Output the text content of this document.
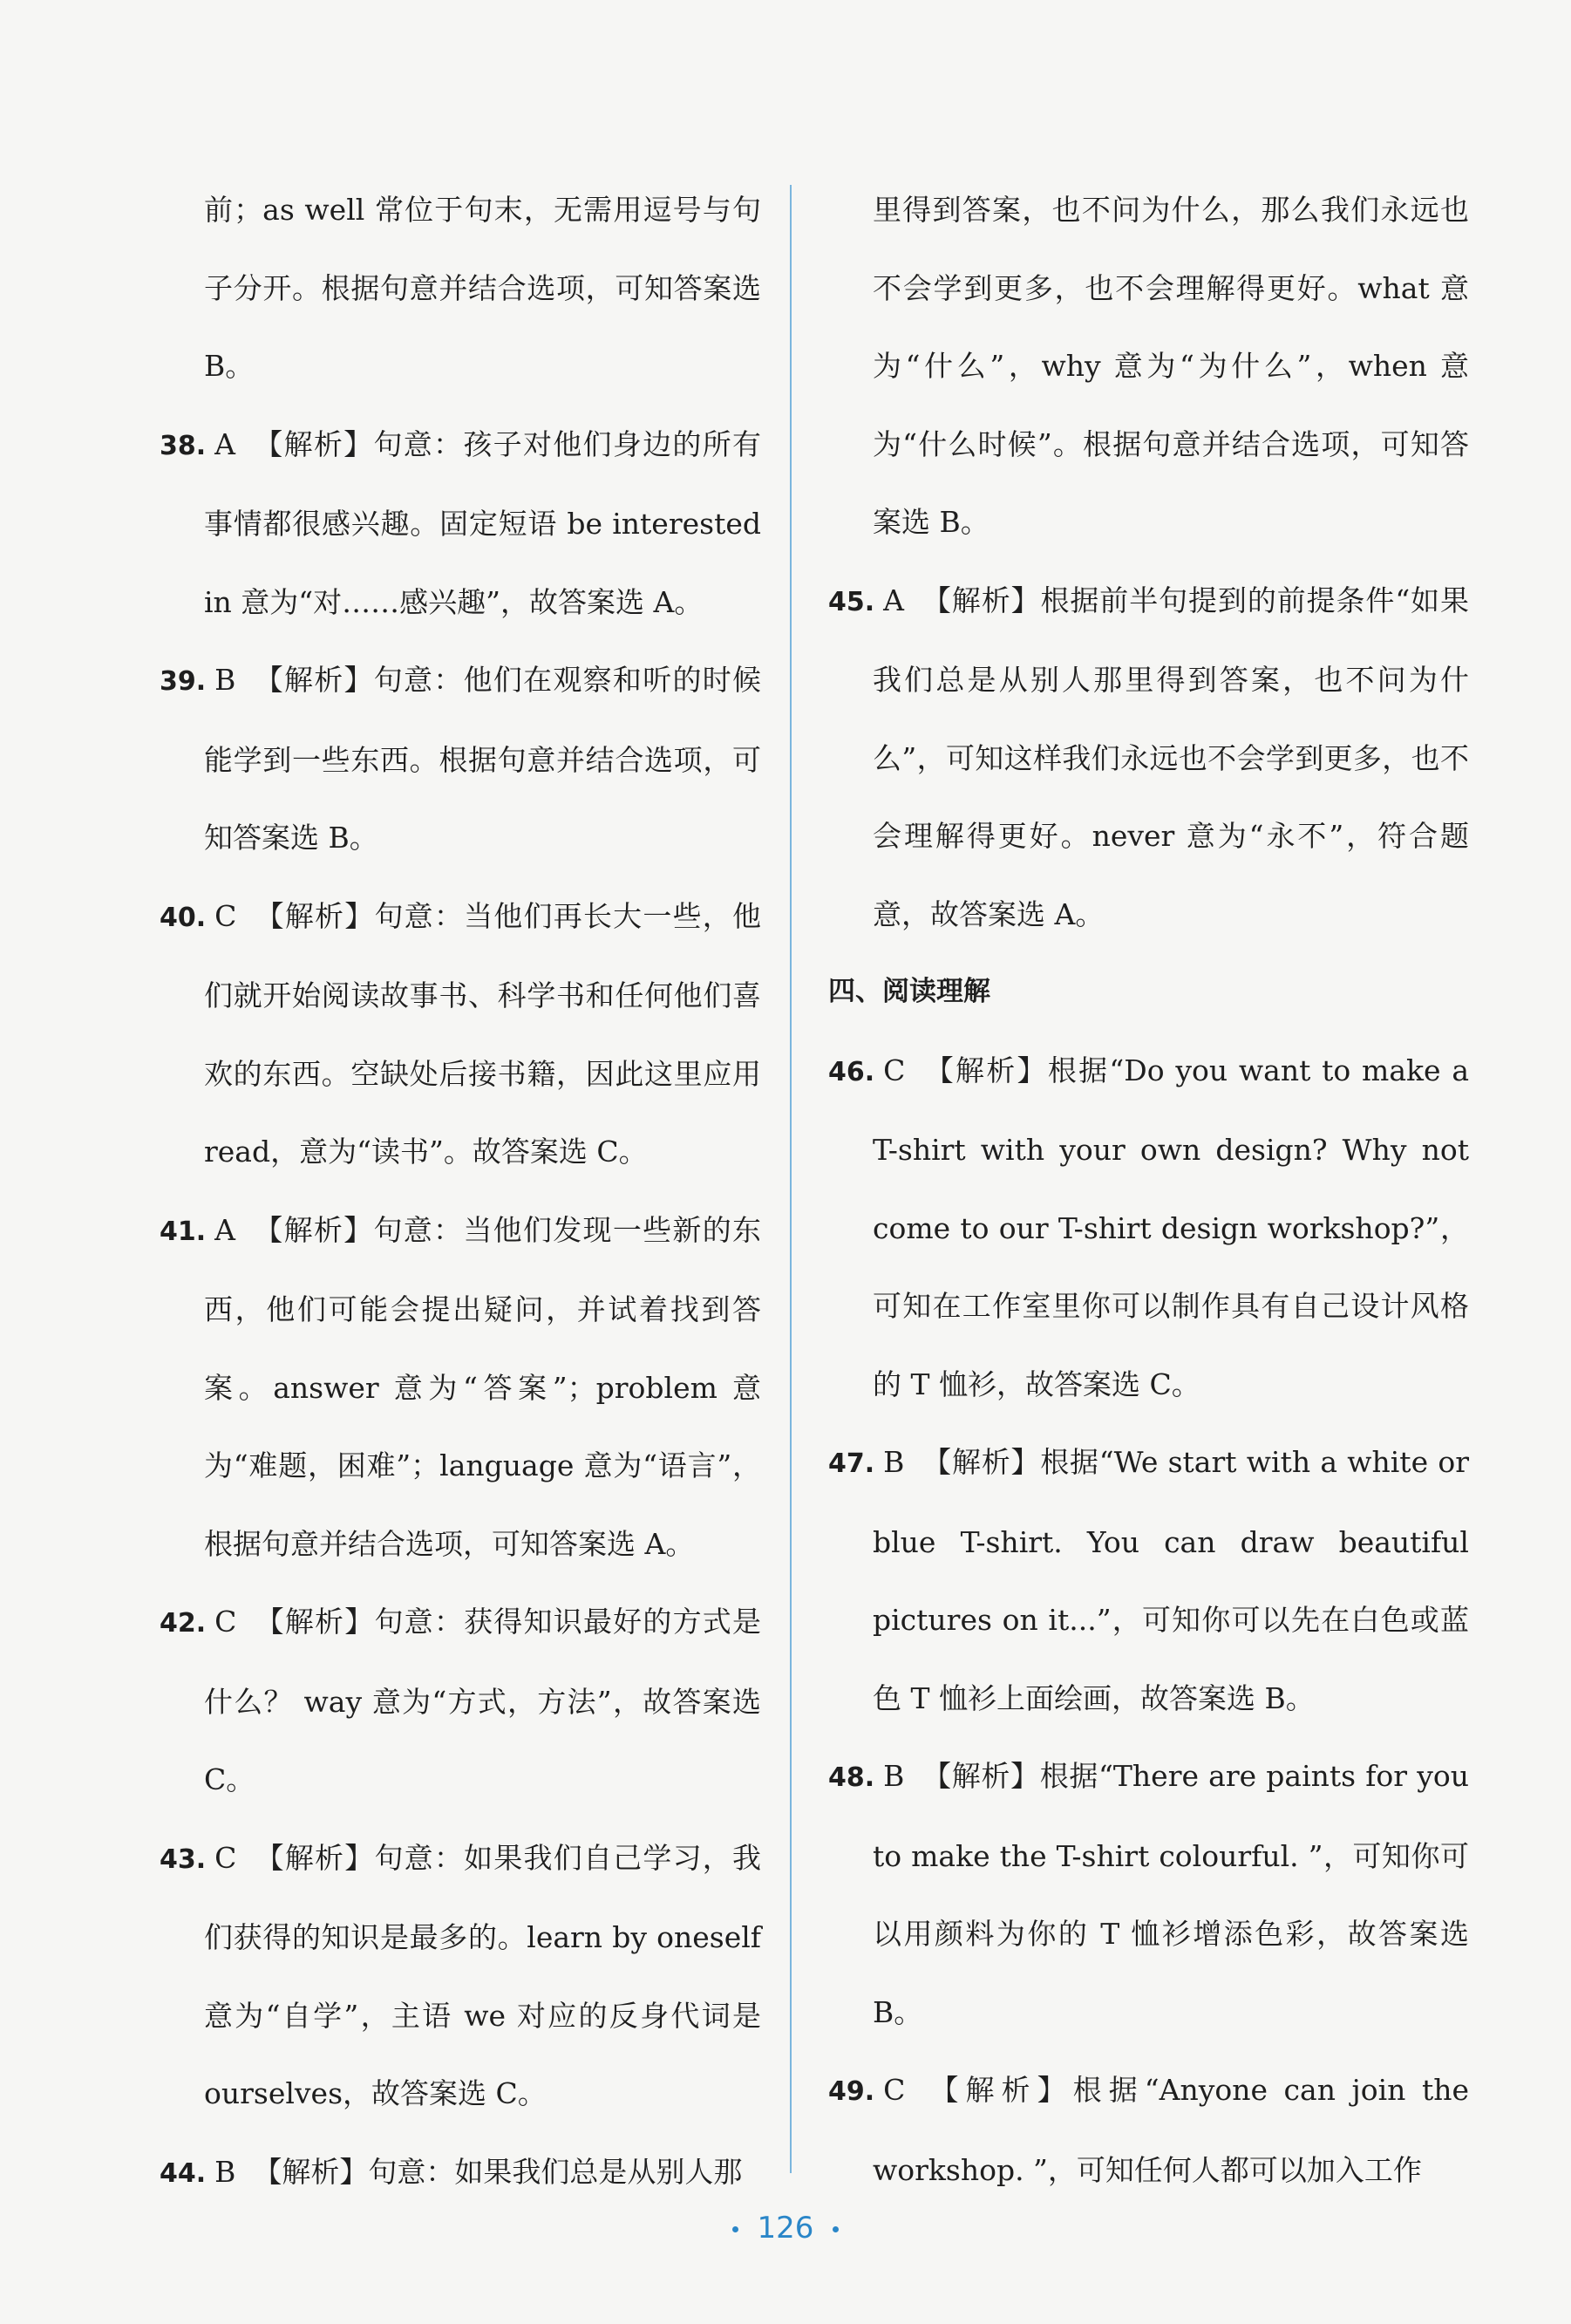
前；as well 常位于句末，无需用逗号与句子分开。根据句意并结合选项，可知答案选 B。

38. A 【解析】句意：孩子对他们身边的所有事情都很感兴趣。固定短语 be interested in 意为“对……感兴趣”，故答案选 A。

39. B 【解析】句意：他们在观察和听的时候能学到一些东西。根据句意并结合选项，可知答案选 B。

40. C 【解析】句意：当他们再长大一些，他们就开始阅读故事书、科学书和任何他们喜欢的东西。空缺处后接书籍，因此这里应用 read，意为“读书”。故答案选 C。

41. A 【解析】句意：当他们发现一些新的东西，他们可能会提出疑问，并试着找到答案。answer 意为“答案”；problem 意为“难题，困难”；language 意为“语言”，根据句意并结合选项，可知答案选 A。

42. C 【解析】句意：获得知识最好的方式是什么？ way 意为“方式，方法”，故答案选 C。

43. C 【解析】句意：如果我们自己学习，我们获得的知识是最多的。learn by oneself 意为“自学”，主语 we 对应的反身代词是 ourselves，故答案选 C。

44. B 【解析】句意：如果我们总是从别人那

里得到答案，也不问为什么，那么我们永远也不会学到更多，也不会理解得更好。what 意为“什么”，why 意为“为什么”，when 意为“什么时候”。根据句意并结合选项，可知答案选 B。

45. A 【解析】根据前半句提到的前提条件“如果我们总是从别人那里得到答案，也不问为什么”，可知这样我们永远也不会学到更多，也不会理解得更好。never 意为“永不”，符合题意，故答案选 A。

四、阅读理解

46. C 【解析】根据“Do you want to make a T-shirt with your own design? Why not come to our T-shirt design workshop?”，可知在工作室里你可以制作具有自己设计风格的 T 恤衫，故答案选 C。

47. B 【解析】根据“We start with a white or blue T-shirt. You can draw beautiful pictures on it...”，可知你可以先在白色或蓝色 T 恤衫上面绘画，故答案选 B。

48. B 【解析】根据“There are paints for you to make the T-shirt colourful. ”，可知你可以用颜料为你的 T 恤衫增添色彩，故答案选 B。

49. C 【解析】根据“Anyone can join the workshop. ”，可知任何人都可以加入工作

126
